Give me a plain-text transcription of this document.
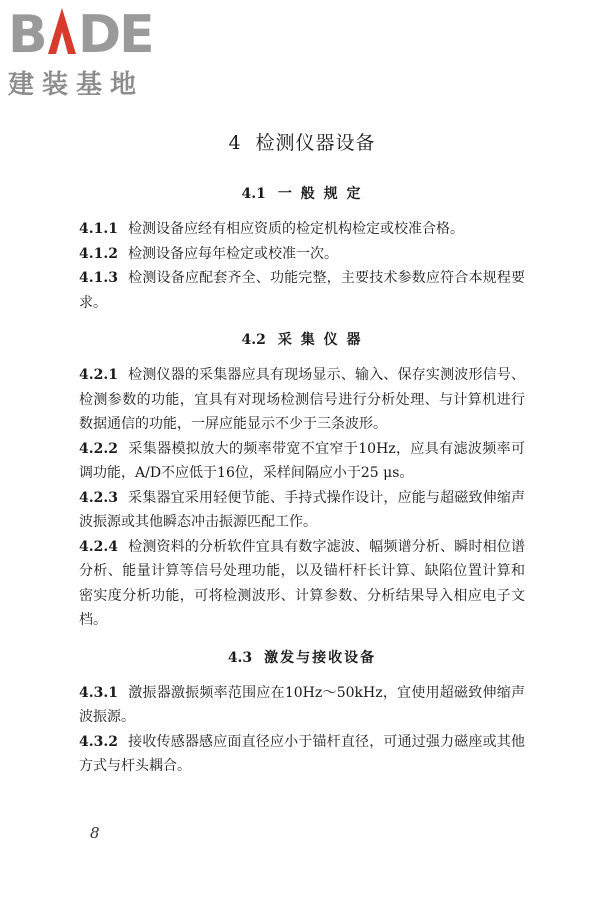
B DE
建装基地
4 检测仪器设备
4.1 一 般 规 定

4.1.1 检测设备应经有相应资质的检定机构检定或校准合格。

4.1.2 检测设备应每年检定或校准一次。

4.1.3 检测设备应配套齐全、功能完整，主要技术参数应符合本规程要求。

4.2 采 集 仪 器

4.2.1 检测仪器的采集器应具有现场显示、输入、保存实测波形信号、检测参数的功能，宜具有对现场检测信号进行分析处理、与计算机进行数据通信的功能，一屏应能显示不少于三条波形。

4.2.2 采集器模拟放大的频率带宽不宜窄于10Hz，应具有滤波频率可调功能，A/D不应低于16位，采样间隔应小于25 μs。

4.2.3 采集器宜采用轻便节能、手持式操作设计，应能与超磁致伸缩声波振源或其他瞬态冲击振源匹配工作。

4.2.4 检测资料的分析软件宜具有数字滤波、幅频谱分析、瞬时相位谱分析、能量计算等信号处理功能，以及锚杆杆长计算、缺陷位置计算和密实度分析功能，可将检测波形、计算参数、分析结果导入相应电子文档。

4.3 激发与接收设备

4.3.1 激振器激振频率范围应在10Hz～50kHz，宜使用超磁致伸缩声波振源。

4.3.2 接收传感器感应面直径应小于锚杆直径，可通过强力磁座或其他方式与杆头耦合。

8
